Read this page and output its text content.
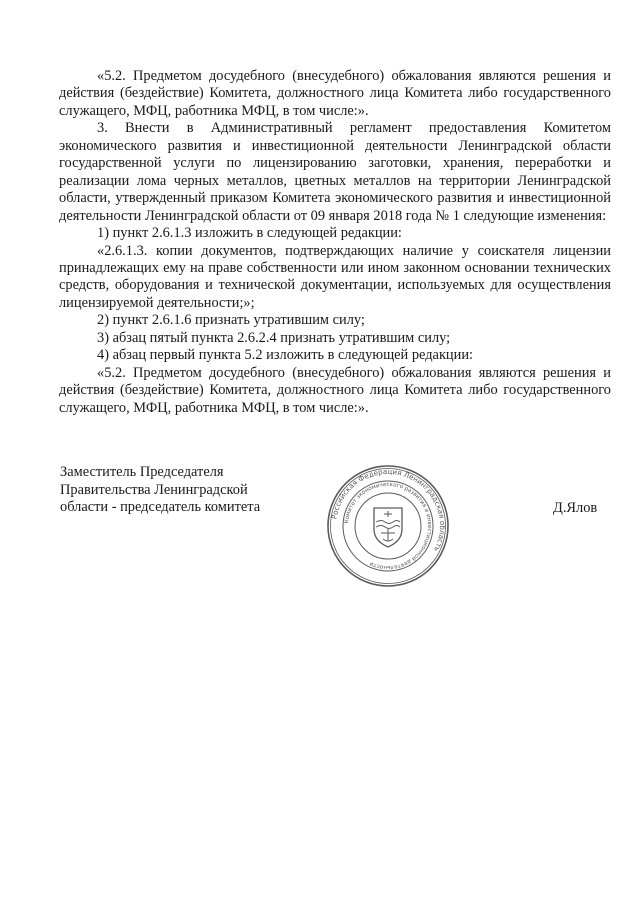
«5.2. Предметом досудебного (внесудебного) обжалования являются решения и действия (бездействие) Комитета, должностного лица Комитета либо государственного служащего, МФЦ, работника МФЦ, в том числе:».

3. Внести в Административный регламент предоставления Комитетом экономического развития и инвестиционной деятельности Ленинградской области государственной услуги по лицензированию заготовки, хранения, переработки и реализации лома черных металлов, цветных металлов на территории Ленинградской области, утвержденный приказом Комитета экономического развития и инвестиционной деятельности Ленинградской области от 09 января 2018 года № 1 следующие изменения:

1) пункт 2.6.1.3 изложить в следующей редакции:

«2.6.1.3. копии документов, подтверждающих наличие у соискателя лицензии принадлежащих ему на праве собственности или ином законном основании технических средств, оборудования и технической документации, используемых для осуществления лицензируемой деятельности;»;

2) пункт 2.6.1.6 признать утратившим силу;

3) абзац пятый пункта 2.6.2.4 признать утратившим силу;

4) абзац первый пункта 5.2 изложить в следующей редакции:

«5.2. Предметом досудебного (внесудебного) обжалования являются решения и действия (бездействие) Комитета, должностного лица Комитета либо государственного служащего, МФЦ, работника МФЦ, в том числе:».

Заместитель Председателя
Правительства Ленинградской
области - председатель комитета
Российская Федерация Ленинградская область
Комитет экономического развития и инвестиционной деятельности
Д.Ялов
